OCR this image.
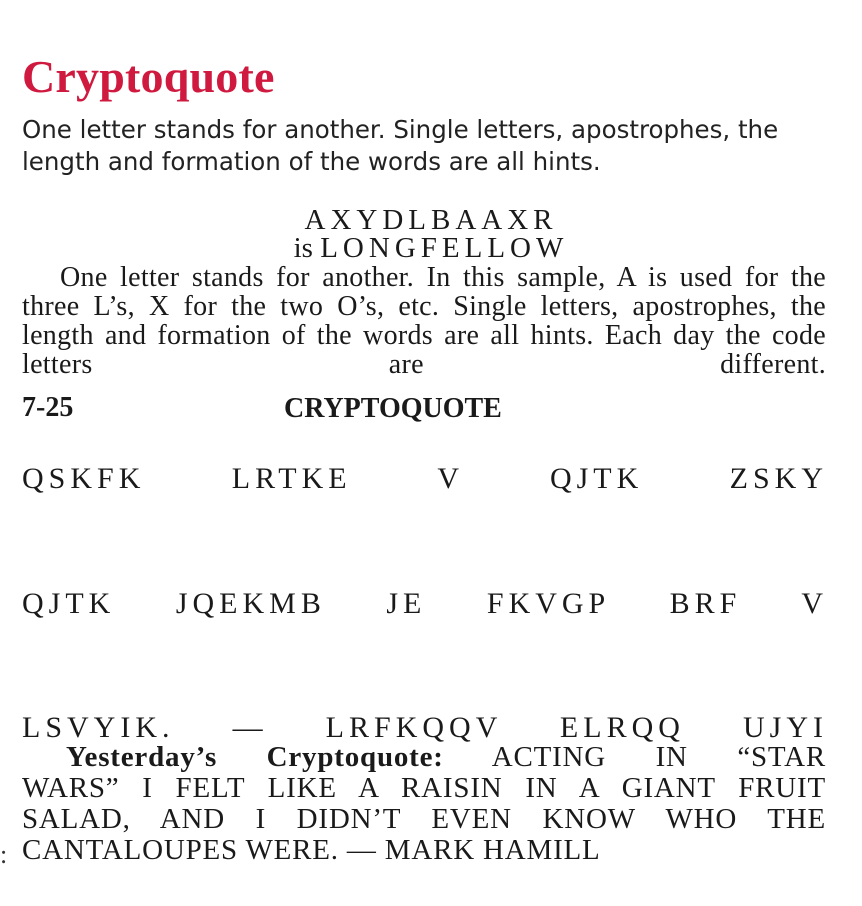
Cryptoquote
One letter stands for another. Single letters, apostrophes, the length and formation of the words are all hints.
AXYDLBAAXR
is LONGFELLOW

One letter stands for another. In this sample, A is used for the three L’s, X for the two O’s, etc. Single letters, apostrophes, the length and formation of the words are all hints. Each day the code letters are different.

7-25	CRYPTOQUOTE
QSKFK LRTKE V QJTK ZSKY
QJTK JQEKMB JE FKVGP BRF V
LSVYIK. — LRFKQQV ELRQQ UJYI
Yesterday’s Cryptoquote: ACTING IN “STAR
WARS” I FELT LIKE A RAISIN IN A GIANT FRUIT
SALAD, AND I DIDN’T EVEN KNOW WHO THE
CANTALOUPES WERE. — MARK HAMILL
:
